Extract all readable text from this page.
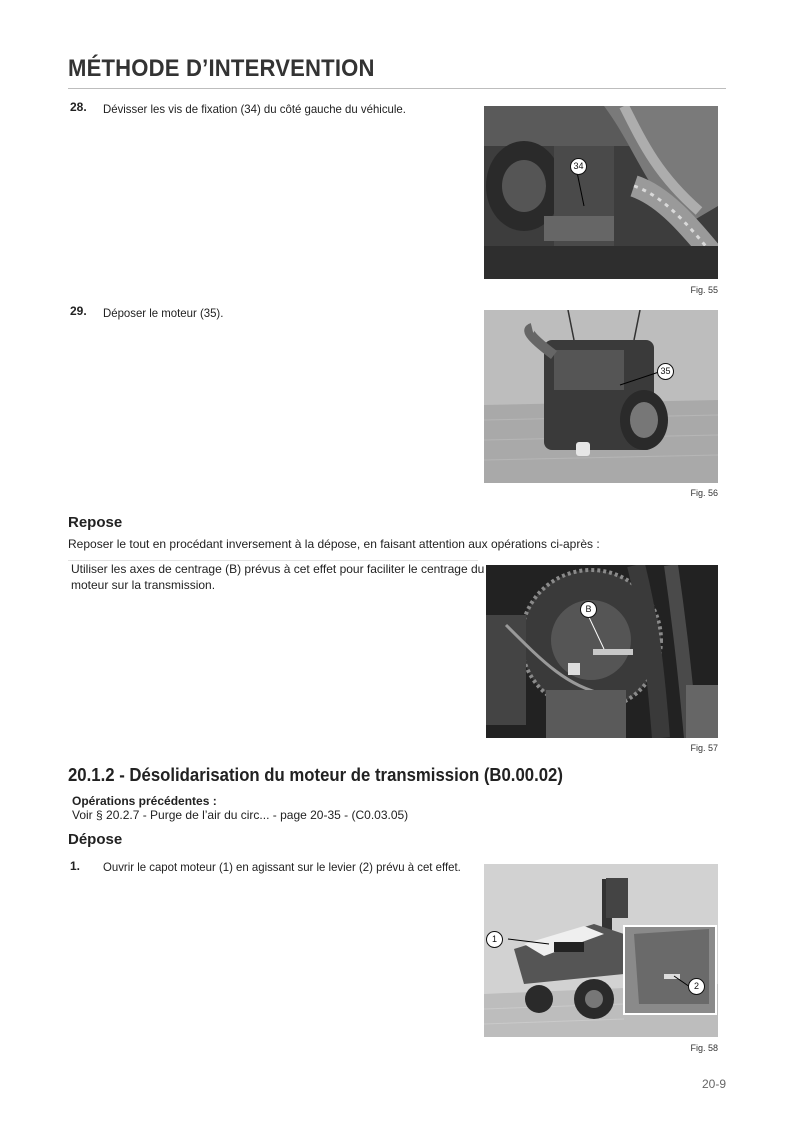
MÉTHODE D’INTERVENTION
28. Dévisser les vis de fixation (34) du côté gauche du véhicule.
34
Fig. 55
29. Déposer le moteur (35).
35
Fig. 56
Repose
Reposer le tout en procédant inversement à la dépose, en faisant attention aux opérations ci-après :
Utiliser les axes de centrage (B) prévus à cet effet pour faciliter le centrage du
moteur sur la transmission.
B
Fig. 57
20.1.2 - Désolidarisation du moteur de transmission (B0.00.02)
Opérations précédentes :
Voir § 20.2.7 - Purge de l’air du circ... - page 20-35 - (C0.03.05)
Dépose
1. Ouvrir le capot moteur (1) en agissant sur le levier (2) prévu à cet effet.
1
2
Fig. 58
20-9
